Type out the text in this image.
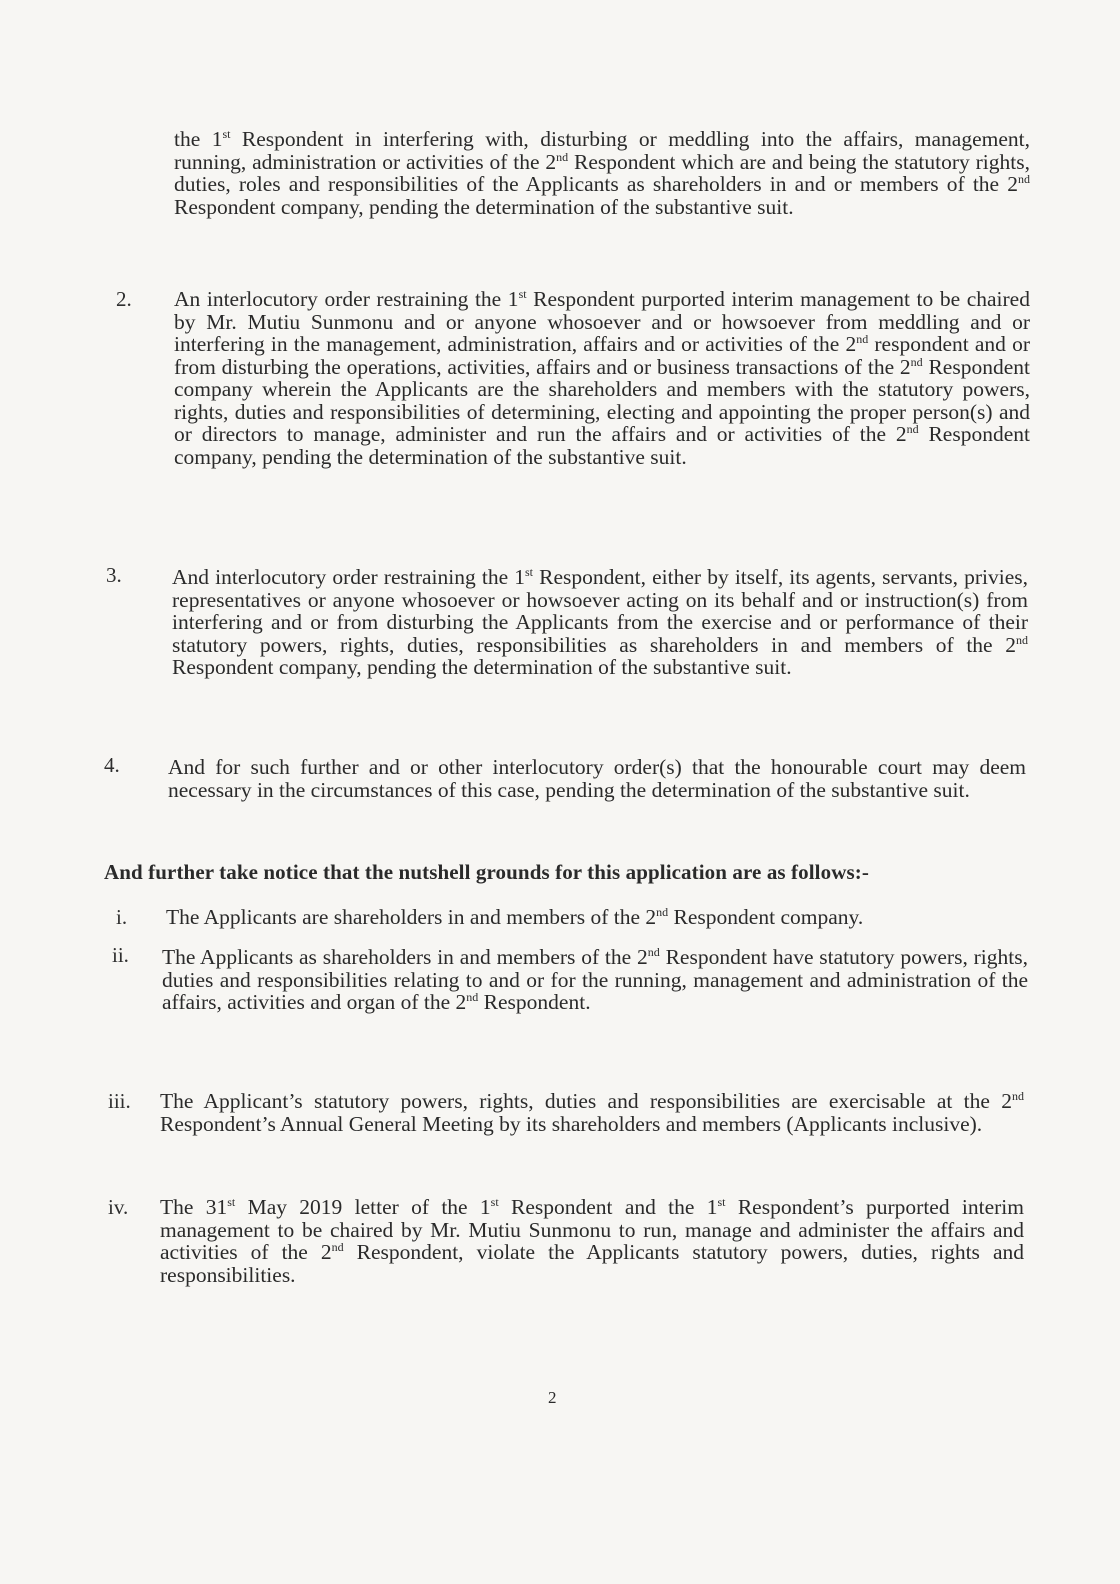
the 1st Respondent in interfering with, disturbing or meddling into the affairs, management, running, administration or activities of the 2nd Respondent which are and being the statutory rights, duties, roles and responsibilities of the Applicants as shareholders in and or members of the 2nd Respondent company, pending the determination of the substantive suit.

2. An interlocutory order restraining the 1st Respondent purported interim management to be chaired by Mr. Mutiu Sunmonu and or anyone whosoever and or howsoever from meddling and or interfering in the management, administration, affairs and or activities of the 2nd respondent and or from disturbing the operations, activities, affairs and or business transactions of the 2nd Respondent company wherein the Applicants are the shareholders and members with the statutory powers, rights, duties and responsibilities of determining, electing and appointing the proper person(s) and or directors to manage, administer and run the affairs and or activities of the 2nd Respondent company, pending the determination of the substantive suit.

3. And interlocutory order restraining the 1st Respondent, either by itself, its agents, servants, privies, representatives or anyone whosoever or howsoever acting on its behalf and or instruction(s) from interfering and or from disturbing the Applicants from the exercise and or performance of their statutory powers, rights, duties, responsibilities as shareholders in and members of the 2nd Respondent company, pending the determination of the substantive suit.

4. And for such further and or other interlocutory order(s) that the honourable court may deem necessary in the circumstances of this case, pending the determination of the substantive suit.

And further take notice that the nutshell grounds for this application are as follows:-
i. The Applicants are shareholders in and members of the 2nd Respondent company.

ii. The Applicants as shareholders in and members of the 2nd Respondent have statutory powers, rights, duties and responsibilities relating to and or for the running, management and administration of the affairs, activities and organ of the 2nd Respondent.

iii. The Applicant’s statutory powers, rights, duties and responsibilities are exercisable at the 2nd Respondent’s Annual General Meeting by its shareholders and members (Applicants inclusive).

iv. The 31st May 2019 letter of the 1st Respondent and the 1st Respondent’s purported interim management to be chaired by Mr. Mutiu Sunmonu to run, manage and administer the affairs and activities of the 2nd Respondent, violate the Applicants statutory powers, duties, rights and responsibilities.

2
